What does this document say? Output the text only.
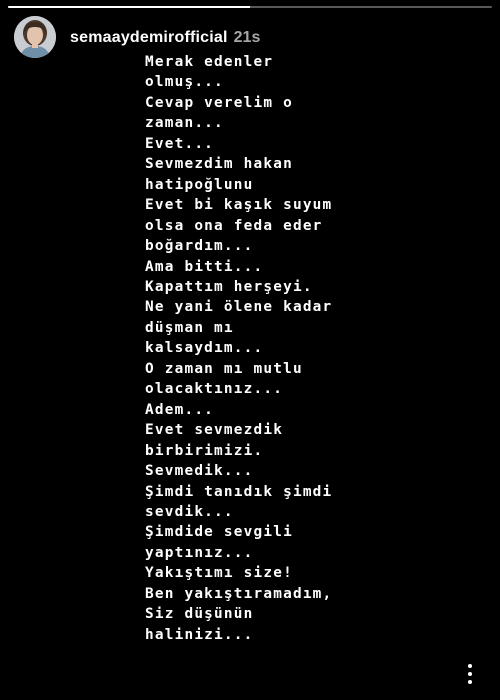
semaaydemirofficial 21s
Merak edenler
olmuş...
Cevap verelim o
zaman...
Evet...
Sevmezdim hakan
hatipoğlunu
Evet bi kaşık suyum
olsa ona feda eder
boğardım...
Ama bitti...
Kapattım herşeyi.
Ne yani ölene kadar
düşman mı
kalsaydım...
O zaman mı mutlu
olacaktınız...
Adem...
Evet sevmezdik
birbirimizi.
Sevmedik...
Şimdi tanıdık şimdi
sevdik...
Şimdide sevgili
yaptınız...
Yakıştımı size!
Ben yakıştıramadım,
Siz düşünün
halinizi...
